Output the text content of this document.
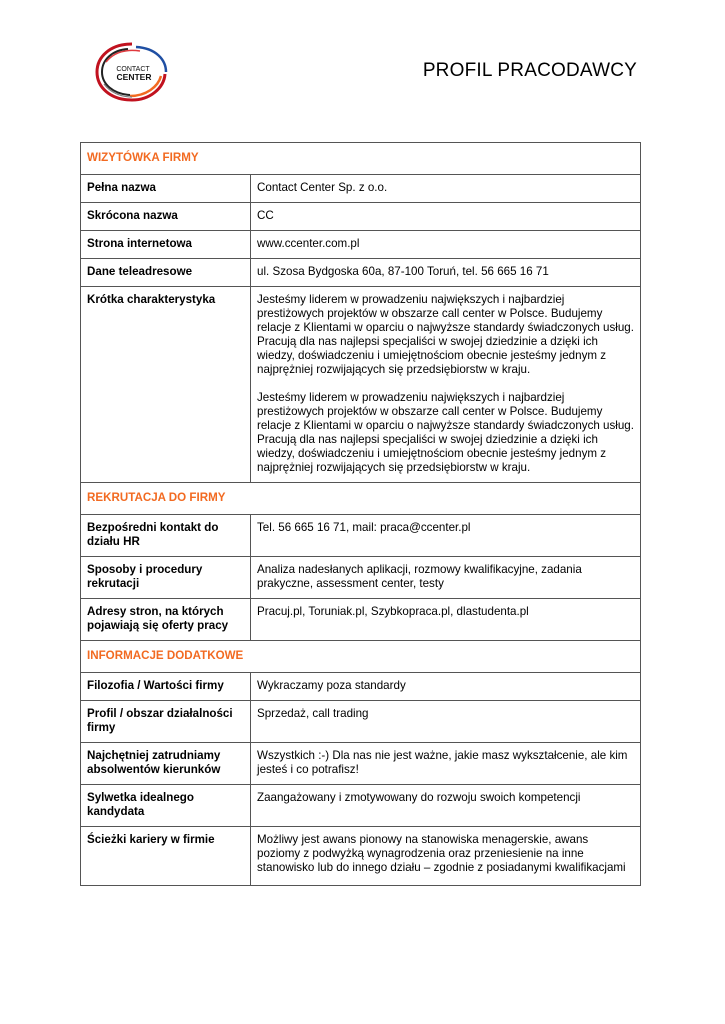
CONTACT
CENTER	PROFIL PRACODAWCY
WIZYTÓWKA FIRMY	
Pełna nazwa	Contact Center Sp. z o.o.
Skrócona nazwa	CC
Strona internetowa	www.ccenter.com.pl
Dane teleadresowe	ul. Szosa Bydgoska 60a, 87-100 Toruń, tel. 56 665 16 71
Krótka charakterystyka	Jesteśmy liderem w prowadzeniu największych i najbardziej prestiżowych projektów w obszarze call center w Polsce. Budujemy relacje z Klientami w oparciu o najwyższe standardy świadczonych usług. Pracują dla nas najlepsi specjaliści w swojej dziedzinie a dzięki ich wiedzy, doświadczeniu i umiejętnościom obecnie jesteśmy jednym z najprężniej rozwijających się przedsiębiorstw w kraju.
Jesteśmy liderem w prowadzeniu największych i najbardziej prestiżowych projektów w obszarze call center w Polsce. Budujemy relacje z Klientami w oparciu o najwyższe standardy świadczonych usług. Pracują dla nas najlepsi specjaliści w swojej dziedzinie a dzięki ich wiedzy, doświadczeniu i umiejętnościom obecnie jesteśmy jednym z najprężniej rozwijających się przedsiębiorstw w kraju.

REKRUTACJA DO FIRMY	
Bezpośredni kontakt do działu HR	Tel. 56 665 16 71, mail: praca@ccenter.pl
Sposoby i procedury rekrutacji	Analiza nadesłanych aplikacji, rozmowy kwalifikacyjne, zadania prakyczne, assessment center, testy
Adresy stron, na których pojawiają się oferty pracy	Pracuj.pl, Toruniak.pl, Szybkopraca.pl, dlastudenta.pl
INFORMACJE DODATKOWE	
Filozofia / Wartości firmy	Wykraczamy poza standardy
Profil / obszar działalności firmy	Sprzedaż, call trading
Najchętniej zatrudniamy absolwentów kierunków	Wszystkich :-) Dla nas nie jest ważne, jakie masz wykształcenie, ale kim jesteś i co potrafisz!
Sylwetka idealnego kandydata	Zaangażowany i zmotywowany do rozwoju swoich kompetencji
Ścieżki kariery w firmie	Możliwy jest awans pionowy na stanowiska menagerskie, awans poziomy z podwyżką wynagrodzenia oraz przeniesienie na inne stanowisko lub do innego działu – zgodnie z posiadanymi kwalifikacjami
